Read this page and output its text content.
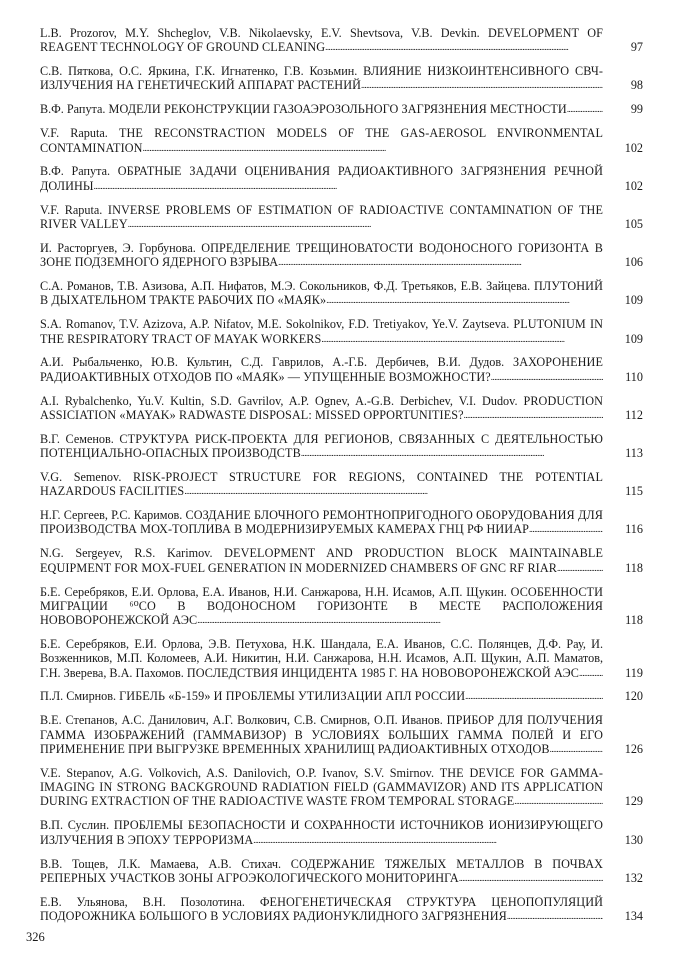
L.B. Prozorov, M.Y. Shcheglov, V.B. Nikolaevsky, E.V. Shevtsova, V.B. Devkin. DEVELOPMENT OF REAGENT TECHNOLOGY OF GROUND CLEANING . . .	97
С.В. Пяткова, О.С. Яркина, Г.К. Игнатенко, Г.В. Козьмин. ВЛИЯНИЕ НИЗКОИНТЕНСИВНОГО СВЧ-ИЗЛУЧЕНИЯ НА ГЕНЕТИЧЕСКИЙ АППАРАТ РАСТЕНИЙ . . .	98
В.Ф. Рапута. МОДЕЛИ РЕКОНСТРУКЦИИ ГАЗОАЭРОЗОЛЬНОГО ЗАГРЯЗНЕНИЯ МЕСТНОСТИ . . .	99
V.F. Raputa. THE RECONSTRACTION MODELS OF THE GAS-AEROSOL ENVIRONMENTAL CONTAMINATION . . .	102
В.Ф. Рапута. ОБРАТНЫЕ ЗАДАЧИ ОЦЕНИВАНИЯ РАДИОАКТИВНОГО ЗАГРЯЗНЕНИЯ РЕЧНОЙ ДОЛИНЫ . . .	102
V.F. Raputa. INVERSE PROBLEMS OF ESTIMATION OF RADIOACTIVE CONTAMINATION OF THE RIVER VALLEY . . .	105
И. Расторгуев, Э. Горбунова. ОПРЕДЕЛЕНИЕ ТРЕЩИНОВАТОСТИ ВОДОНОСНОГО ГОРИЗОНТА В ЗОНЕ ПОДЗЕМНОГО ЯДЕРНОГО ВЗРЫВА . . .	106
С.А. Романов, Т.В. Азизова, А.П. Нифатов, М.Э. Сокольников, Ф.Д. Третьяков, Е.В. Зайцева. ПЛУТОНИЙ В ДЫХАТЕЛЬНОМ ТРАКТЕ РАБОЧИХ ПО «МАЯК» . . .	109
S.A. Romanov, T.V. Azizova, A.P. Nifatov, M.E. Sokolnikov, F.D. Tretiyakov, Ye.V. Zaytseva. PLUTONIUM IN THE RESPIRATORY TRACT OF MAYAK WORKERS . . .	109
А.И. Рыбальченко, Ю.В. Культин, С.Д. Гаврилов, А.-Г.Б. Дербичев, В.И. Дудов. ЗАХОРОНЕНИЕ РАДИОАКТИВНЫХ ОТХОДОВ ПО «МАЯК» — УПУЩЕННЫЕ ВОЗМОЖНОСТИ? . . .	110
A.I. Rybalchenko, Yu.V. Kultin, S.D. Gavrilov, A.P. Ognev, A.-G.B. Derbichev, V.I. Dudov. PRODUCTION ASSICIATION «MAYAK» RADWASTE DISPOSAL: MISSED OPPORTUNITIES? . . .	112
В.Г. Семенов. СТРУКТУРА РИСК-ПРОЕКТА ДЛЯ РЕГИОНОВ, СВЯЗАННЫХ С ДЕЯТЕЛЬНОСТЬЮ ПОТЕНЦИАЛЬНО-ОПАСНЫХ ПРОИЗВОДСТВ . . .	113
V.G. Semenov. RISK-PROJECT STRUCTURE FOR REGIONS, CONTAINED THE POTENTIAL HAZARDOUS FACILITIES . . .	115
Н.Г. Сергеев, Р.С. Каримов. СОЗДАНИЕ БЛОЧНОГО РЕМОНТНОПРИГОДНОГО ОБОРУДОВАНИЯ ДЛЯ ПРОИЗВОДСТВА МОХ-ТОПЛИВА В МОДЕРНИЗИРУЕМЫХ КАМЕРАХ ГНЦ РФ НИИАР . . .	116
N.G. Sergeyev, R.S. Karimov. DEVELOPMENT AND PRODUCTION BLOCK MAINTAINABLE EQUIPMENT FOR MOX-FUEL GENERATION IN MODERNIZED CHAMBERS OF GNC RF RIAR . . .	118
Б.Е. Серебряков, Е.И. Орлова, Е.А. Иванов, Н.И. Санжарова, Н.Н. Исамов, А.П. Щукин. ОСОБЕННОСТИ МИГРАЦИИ ⁶⁰CO В ВОДОНОСНОМ ГОРИЗОНТЕ В МЕСТЕ РАСПОЛОЖЕНИЯ НОВОВОРОНЕЖСКОЙ АЭС . . .	118
Б.Е. Серебряков, Е.И. Орлова, Э.В. Петухова, Н.К. Шандала, Е.А. Иванов, С.С. Полянцев, Д.Ф. Рау, И. Возженников, М.П. Коломеев, А.И. Никитин, Н.И. Санжарова, Н.Н. Исамов, А.П. Щукин, А.П. Маматов, Г.Н. Зверева, В.А. Пахомов. ПОСЛЕДСТВИЯ ИНЦИДЕНТА 1985 Г. НА НОВОВОРОНЕЖСКОЙ АЭС . . .	119
П.Л. Смирнов. ГИБЕЛЬ «Б-159» И ПРОБЛЕМЫ УТИЛИЗАЦИИ АПЛ РОССИИ . . .	120
В.Е. Степанов, А.С. Данилович, А.Г. Волкович, С.В. Смирнов, О.П. Иванов. ПРИБОР ДЛЯ ПОЛУЧЕНИЯ ГАММА ИЗОБРАЖЕНИЙ (ГАММАВИЗОР) В УСЛОВИЯХ БОЛЬШИХ ГАММА ПОЛЕЙ И ЕГО ПРИМЕНЕНИЕ ПРИ ВЫГРУЗКЕ ВРЕМЕННЫХ ХРАНИЛИЩ РАДИОАКТИВНЫХ ОТХОДОВ . . .	126
V.E. Stepanov, A.G. Volkovich, A.S. Danilovich, O.P. Ivanov, S.V. Smirnov. THE DEVICE FOR GAMMA-IMAGING IN STRONG BACKGROUND RADIATION FIELD (GAMMAVIZOR) AND ITS APPLICATION DURING EXTRACTION OF THE RADIOACTIVE WASTE FROM TEMPORAL STORAGE . . .	129
В.П. Суслин. ПРОБЛЕМЫ БЕЗОПАСНОСТИ И СОХРАННОСТИ ИСТОЧНИКОВ ИОНИЗИРУЮЩЕГО ИЗЛУЧЕНИЯ В ЭПОХУ ТЕРРОРИЗМА . . .	130
В.В. Тощев, Л.К. Мамаева, А.В. Стихач. СОДЕРЖАНИЕ ТЯЖЕЛЫХ МЕТАЛЛОВ В ПОЧВАХ РЕПЕРНЫХ УЧАСТКОВ ЗОНЫ АГРОЭКОЛОГИЧЕСКОГО МОНИТОРИНГА . . .	132
Е.В. Ульянова, В.Н. Позолотина. ФЕНОГЕНЕТИЧЕСКАЯ СТРУКТУРА ЦЕНОПОПУЛЯЦИЙ ПОДОРОЖНИКА БОЛЬШОГО В УСЛОВИЯХ РАДИОНУКЛИДНОГО ЗАГРЯЗНЕНИЯ . . .	134
326
